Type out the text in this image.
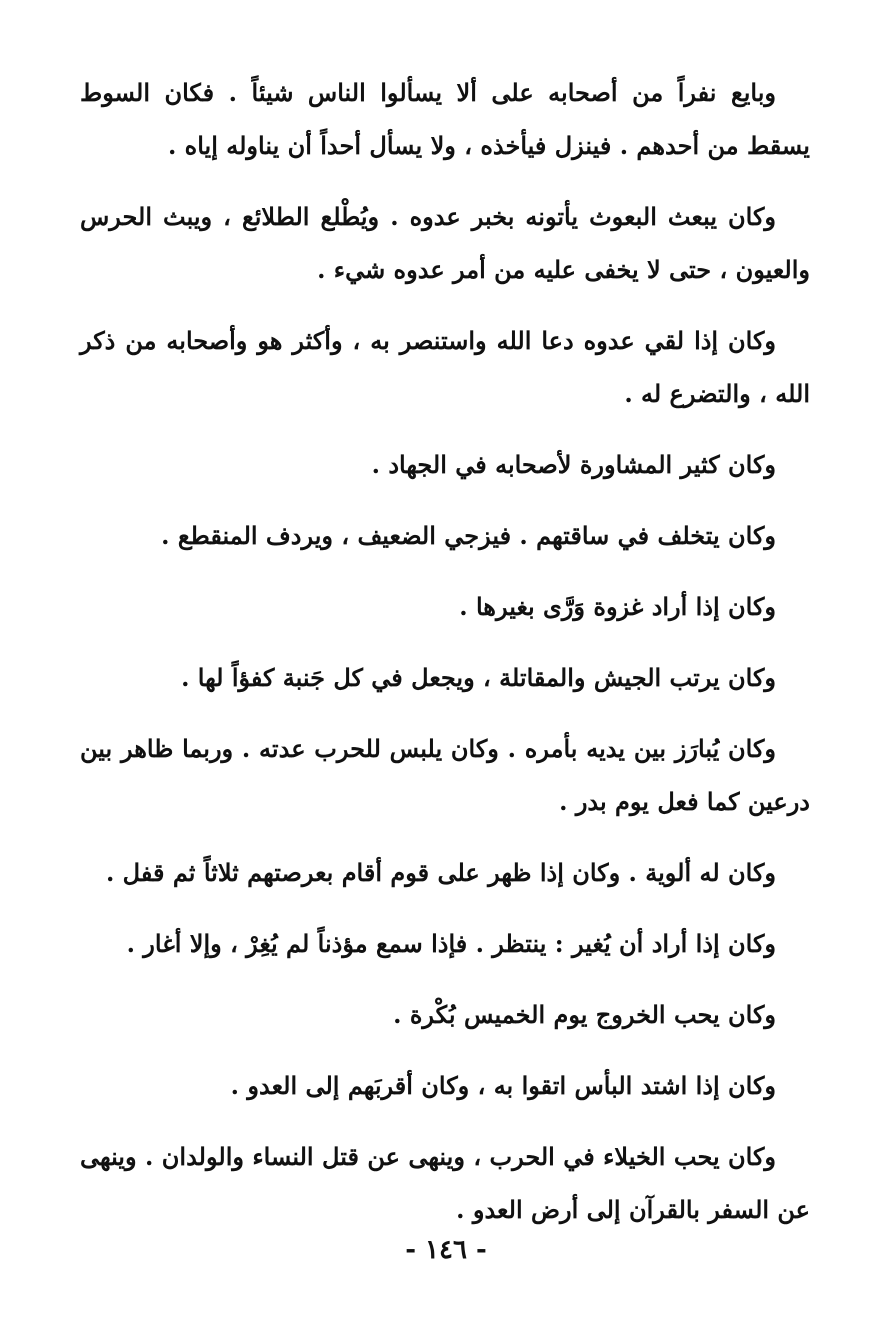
وبايع نفراً من أصحابه على ألا يسألوا الناس شيئاً . فكان السوط يسقط من أحدهم . فينزل فيأخذه ، ولا يسأل أحداً أن يناوله إياه .

وكان يبعث البعوث يأتونه بخبر عدوه . ويُطْلع الطلائع ، ويبث الحرس والعيون ، حتى لا يخفى عليه من أمر عدوه شيء .

وكان إذا لقي عدوه دعا الله واستنصر به ، وأكثر هو وأصحابه من ذكر الله ، والتضرع له .

وكان كثير المشاورة لأصحابه في الجهاد .

وكان يتخلف في ساقتهم . فيزجي الضعيف ، ويردف المنقطع .

وكان إذا أراد غزوة وَرَّى بغيرها .

وكان يرتب الجيش والمقاتلة ، ويجعل في كل جَنبة كفؤاً لها .

وكان يُبارَز بين يديه بأمره . وكان يلبس للحرب عدته . وربما ظاهر بين درعين كما فعل يوم بدر .

وكان له ألوية . وكان إذا ظهر على قوم أقام بعرصتهم ثلاثاً ثم قفل .

وكان إذا أراد أن يُغير : ينتظر . فإذا سمع مؤذناً لم يُغِرْ ، وإلا أغار .

وكان يحب الخروج يوم الخميس بُكْرة .

وكان إذا اشتد البأس اتقوا به ، وكان أقربَهم إلى العدو .

وكان يحب الخيلاء في الحرب ، وينهى عن قتل النساء والولدان . وينهى عن السفر بالقرآن إلى أرض العدو .

- ١٤٦ -
